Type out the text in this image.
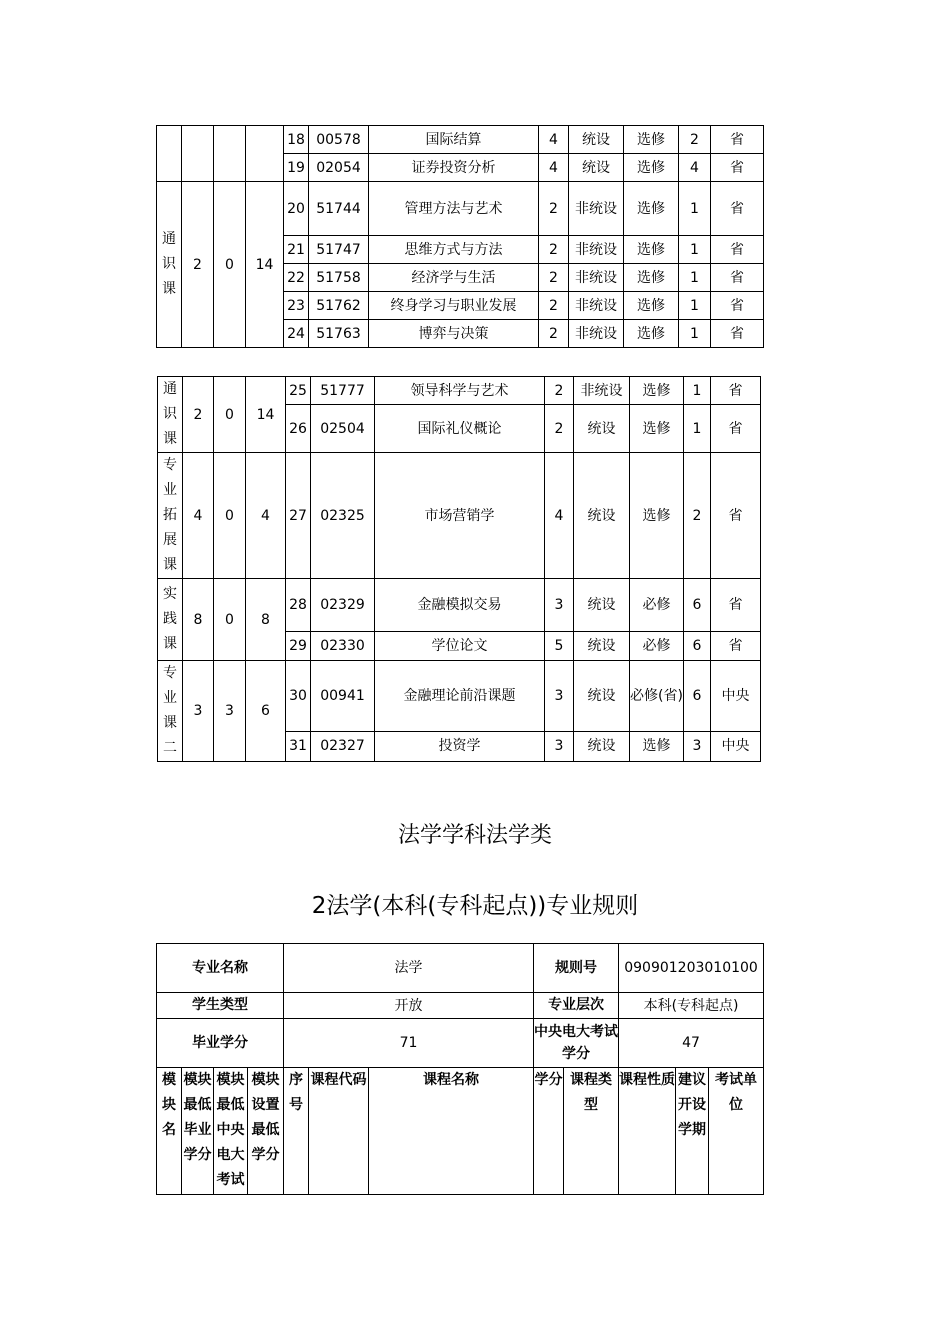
				18	00578	国际结算	4	统设	选修	2	省
				19	02054	证券投资分析	4	统设	选修	4	省
通
识
课	2	0	14	20	51744	管理方法与艺术	2	非统设	选修	1	省
				21	51747	思维方式与方法	2	非统设	选修	1	省
				22	51758	经济学与生活	2	非统设	选修	1	省
				23	51762	终身学习与职业发展	2	非统设	选修	1	省
				24	51763	博弈与决策	2	非统设	选修	1	省
通
识
课	2	0	14	25	51777	领导科学与艺术	2	非统设	选修	1	省
				26	02504	国际礼仪概论	2	统设	选修	1	省
专
业
拓
展
课	4	0	4	27	02325	市场营销学	4	统设	选修	2	省
实
践
课	8	0	8	28	02329	金融模拟交易	3	统设	必修	6	省
				29	02330	学位论文	5	统设	必修	6	省
专
业
课
二	3	3	6	30	00941	金融理论前沿课题	3	统设	必修(省)	6	中央
				31	02327	投资学	3	统设	选修	3	中央
法学学科法学类
2法学(本科(专科起点))专业规则
专业名称				法学			规则号		090901203010100		
学生类型				开放			专业层次		本科(专科起点)		
毕业学分				71			中央电大考试学分		47		
模
块
名	模块
最低
毕业
学分	模块
最低
中央
电大
考试	模块
设置
最低
学分	序
号	课程代码	课程名称	学分	课程类
型	课程性质	建议
开设
学期	考试单
位
